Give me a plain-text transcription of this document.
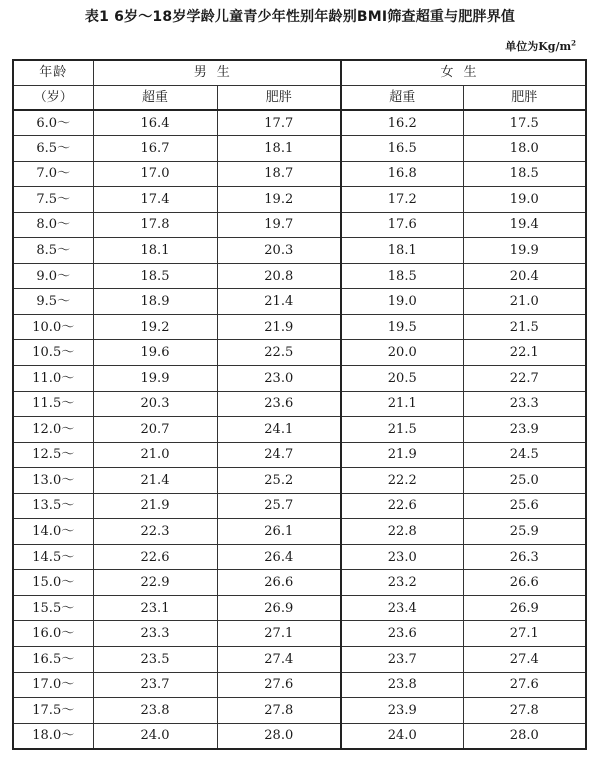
表1 6岁～18岁学龄儿童青少年性别年龄别BMI筛查超重与肥胖界值
单位为$Kg/m^2$
年龄	男生		女生	
（岁）	超重	肥胖	超重	肥胖
6.0～	16.4	17.7	16.2	17.5
6.5～	16.7	18.1	16.5	18.0
7.0～	17.0	18.7	16.8	18.5
7.5～	17.4	19.2	17.2	19.0
8.0～	17.8	19.7	17.6	19.4
8.5～	18.1	20.3	18.1	19.9
9.0～	18.5	20.8	18.5	20.4
9.5～	18.9	21.4	19.0	21.0
10.0～	19.2	21.9	19.5	21.5
10.5～	19.6	22.5	20.0	22.1
11.0～	19.9	23.0	20.5	22.7
11.5～	20.3	23.6	21.1	23.3
12.0～	20.7	24.1	21.5	23.9
12.5～	21.0	24.7	21.9	24.5
13.0～	21.4	25.2	22.2	25.0
13.5～	21.9	25.7	22.6	25.6
14.0～	22.3	26.1	22.8	25.9
14.5～	22.6	26.4	23.0	26.3
15.0～	22.9	26.6	23.2	26.6
15.5～	23.1	26.9	23.4	26.9
16.0～	23.3	27.1	23.6	27.1
16.5～	23.5	27.4	23.7	27.4
17.0～	23.7	27.6	23.8	27.6
17.5～	23.8	27.8	23.9	27.8
18.0～	24.0	28.0	24.0	28.0
